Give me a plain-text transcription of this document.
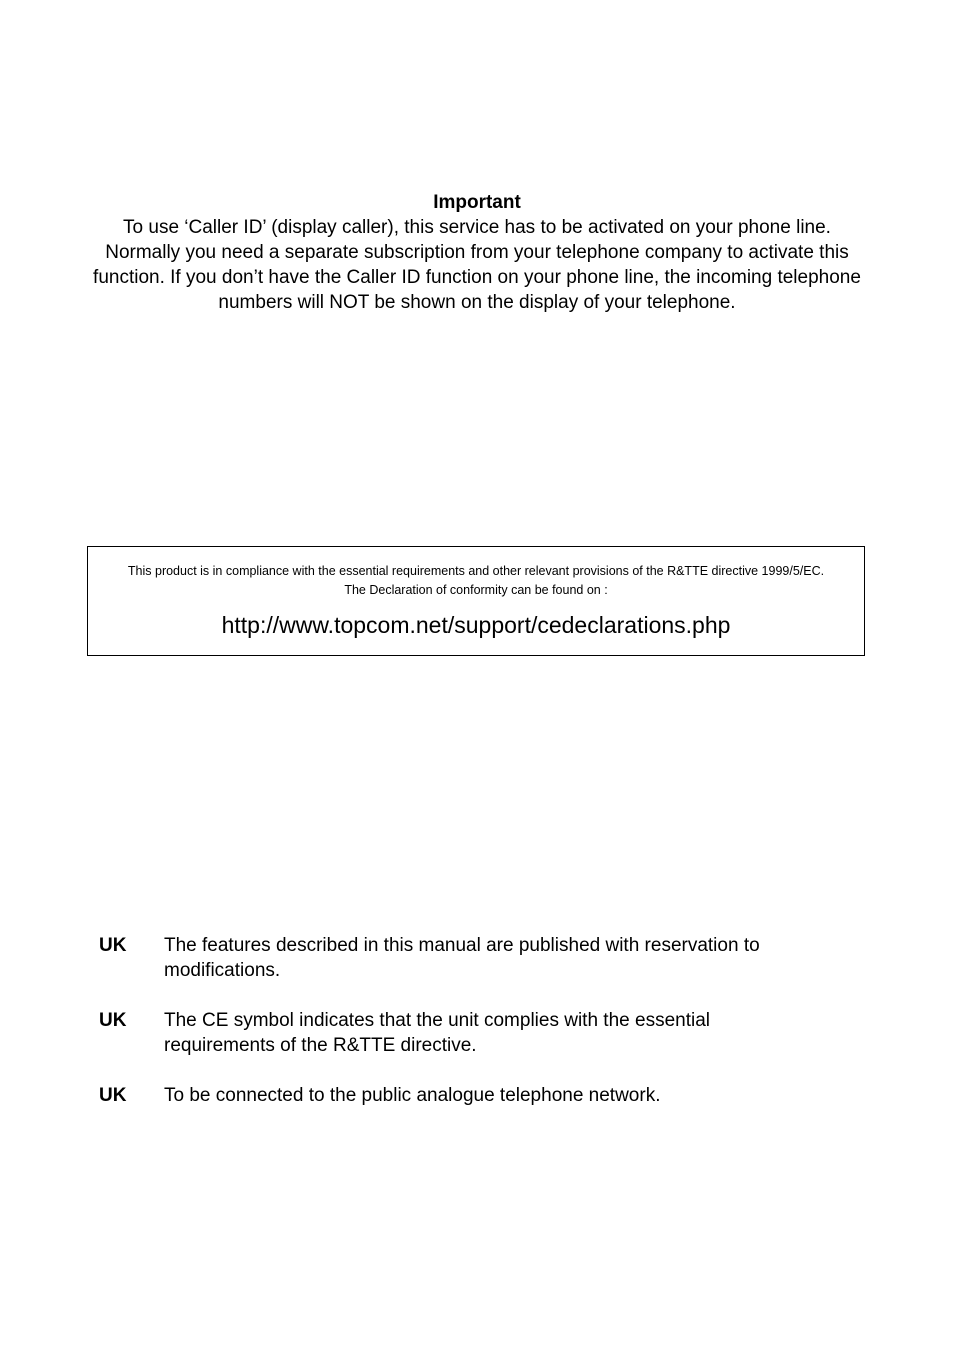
Important
To use ‘Caller ID’ (display caller), this service has to be activated on your phone line.
Normally you need a separate subscription from your telephone company to activate this
function. If you don’t have the Caller ID function on your phone line, the incoming telephone
numbers will NOT be shown on the display of your telephone.
This product is in compliance with the essential requirements and other relevant provisions of the R&TTE directive 1999/5/EC.
The Declaration of conformity can be found on :
http://www.topcom.net/support/cedeclarations.php
UK	The features described in this manual are published with reservation to
modifications.
UK	The CE symbol indicates that the unit complies with the essential
requirements of the R&TTE directive.
UK	To be connected to the public analogue telephone network.
